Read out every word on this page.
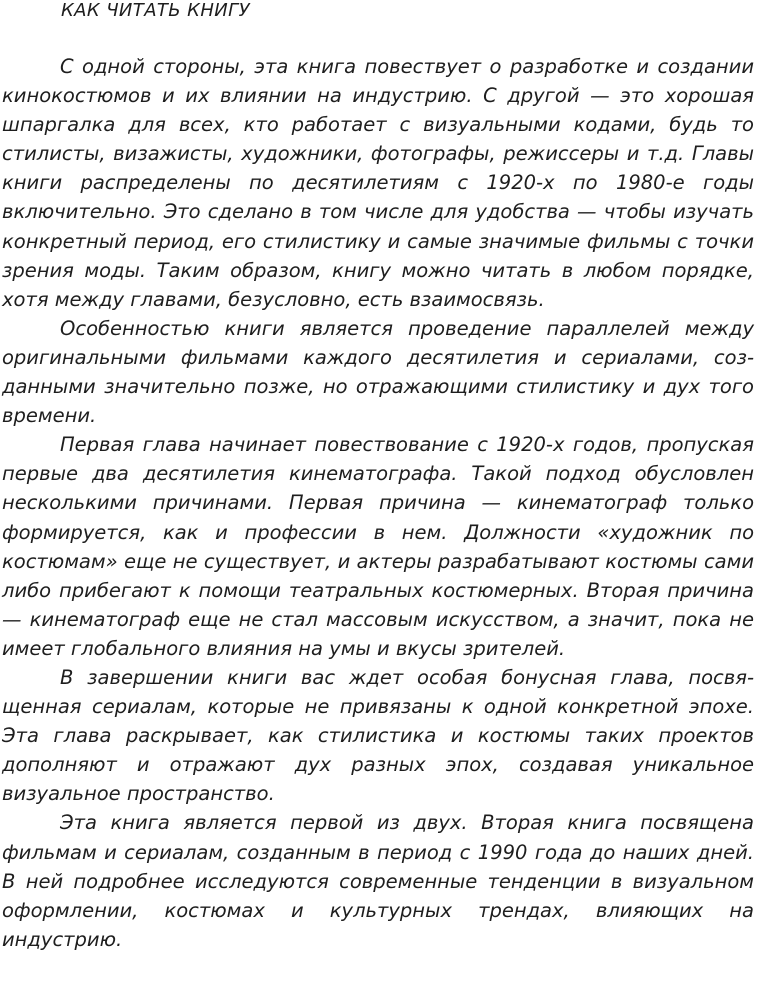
КАК ЧИТАТЬ КНИГУ

С одной стороны, эта книга повествует о разработке и создании кинокостюмов и их влиянии на индустрию. С другой — это хорошая шпаргалка для всех, кто работает с визуальными кодами, будь то стилисты, визажисты, художники, фотографы, режиссеры и т.д. Главы книги распределены по десятилетиям с 1920-х по 1980-е годы включительно. Это сделано в том числе для удобства — чтобы изучать конкретный период, его стилистику и самые значимые фильмы с точки зрения моды. Таким образом, книгу можно читать в любом порядке, хотя между главами, безусловно, есть взаимосвязь.

Особенностью книги является проведение параллелей между оригинальными фильмами каждого десятилетия и сериалами, созданными значительно позже, но отражающими стилистику и дух того времени.

Первая глава начинает повествование с 1920-х годов, пропуская первые два десятилетия кинематографа. Такой подход обусловлен несколькими причинами. Первая причина — кинематограф только формируется, как и профессии в нем. Должности «художник по костюмам» еще не существует, и актеры разрабатывают костюмы сами либо прибегают к помощи театральных костюмерных. Вторая причина — кинематограф еще не стал массовым искусством, а значит, пока не имеет глобального влияния на умы и вкусы зрителей.

В завершении книги вас ждет особая бонусная глава, посвященная сериалам, которые не привязаны к одной конкретной эпохе. Эта глава раскрывает, как стилистика и костюмы таких проектов дополняют и отражают дух разных эпох, создавая уникальное визуальное пространство.

Эта книга является первой из двух. Вторая книга посвящена фильмам и сериалам, созданным в период с 1990 года до наших дней. В ней подробнее исследуются современные тенденции в визуальном оформлении, костюмах и культурных трендах, влияющих на индустрию.
